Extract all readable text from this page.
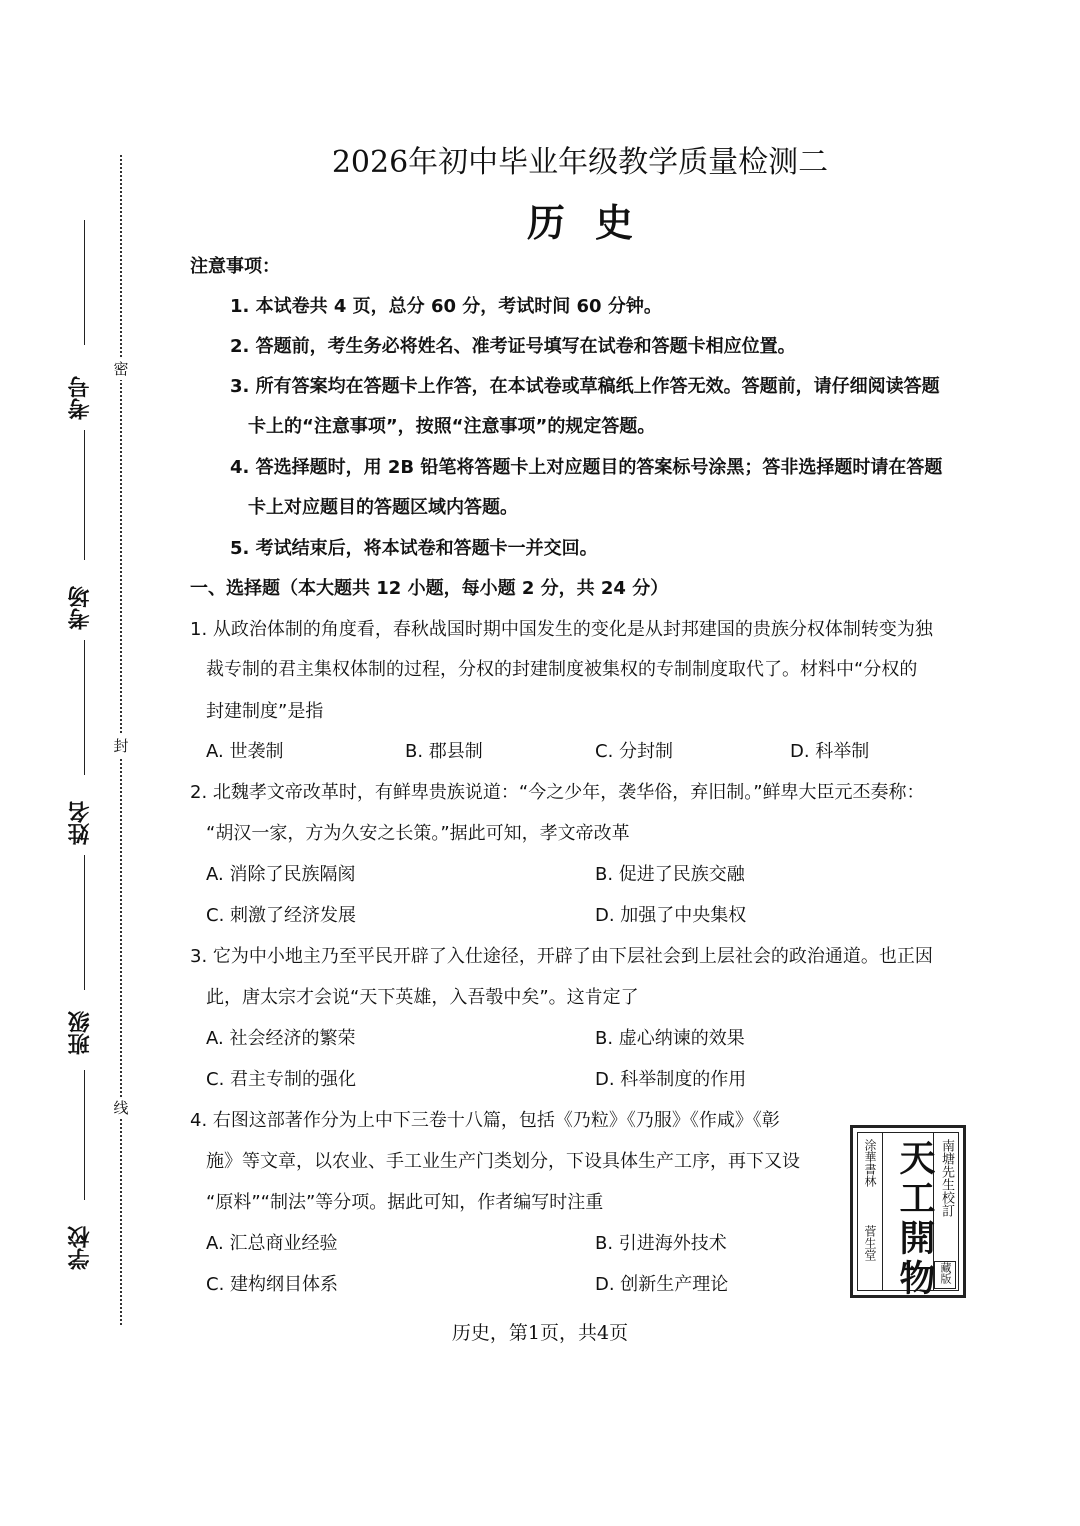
密
封
线
考号
考场
姓名
班级
学校
2026年初中毕业年级教学质量检测二
历史
注意事项：
1. 本试卷共 4 页，总分 60 分，考试时间 60 分钟。
2. 答题前，考生务必将姓名、准考证号填写在试卷和答题卡相应位置。
3. 所有答案均在答题卡上作答，在本试卷或草稿纸上作答无效。答题前，请仔细阅读答题
卡上的“注意事项”，按照“注意事项”的规定答题。
4. 答选择题时，用 2B 铅笔将答题卡上对应题目的答案标号涂黑；答非选择题时请在答题
卡上对应题目的答题区域内答题。
5. 考试结束后，将本试卷和答题卡一并交回。
一、选择题（本大题共 12 小题，每小题 2 分，共 24 分）
1. 从政治体制的角度看，春秋战国时期中国发生的变化是从封邦建国的贵族分权体制转变为独
裁专制的君主集权体制的过程，分权的封建制度被集权的专制制度取代了。材料中“分权的
封建制度”是指
A. 世袭制	B. 郡县制	C. 分封制	D. 科举制
2. 北魏孝文帝改革时，有鲜卑贵族说道：“今之少年，袭华俗，弃旧制。”鲜卑大臣元丕奏称：
“胡汉一家，方为久安之长策。”据此可知，孝文帝改革
A. 消除了民族隔阂	B. 促进了民族交融
C. 刺激了经济发展	D. 加强了中央集权
3. 它为中小地主乃至平民开辟了入仕途径，开辟了由下层社会到上层社会的政治通道。也正因
此，唐太宗才会说“天下英雄，入吾彀中矣”。这肯定了
A. 社会经济的繁荣	B. 虚心纳谏的效果
C. 君主专制的强化	D. 科举制度的作用
4. 右图这部著作分为上中下三卷十八篇，包括《乃粒》《乃服》《作咸》《彰
施》等文章，以农业、手工业生产门类划分，下设具体生产工序，再下又设
“原料”“制法”等分项。据此可知，作者编写时注重
A. 汇总商业经验	B. 引进海外技术
C. 建构纲目体系	D. 创新生产理论
涂華書林
菅生堂 天工開物 南塘先生校訂
藏版
历史，第1页，共4页
